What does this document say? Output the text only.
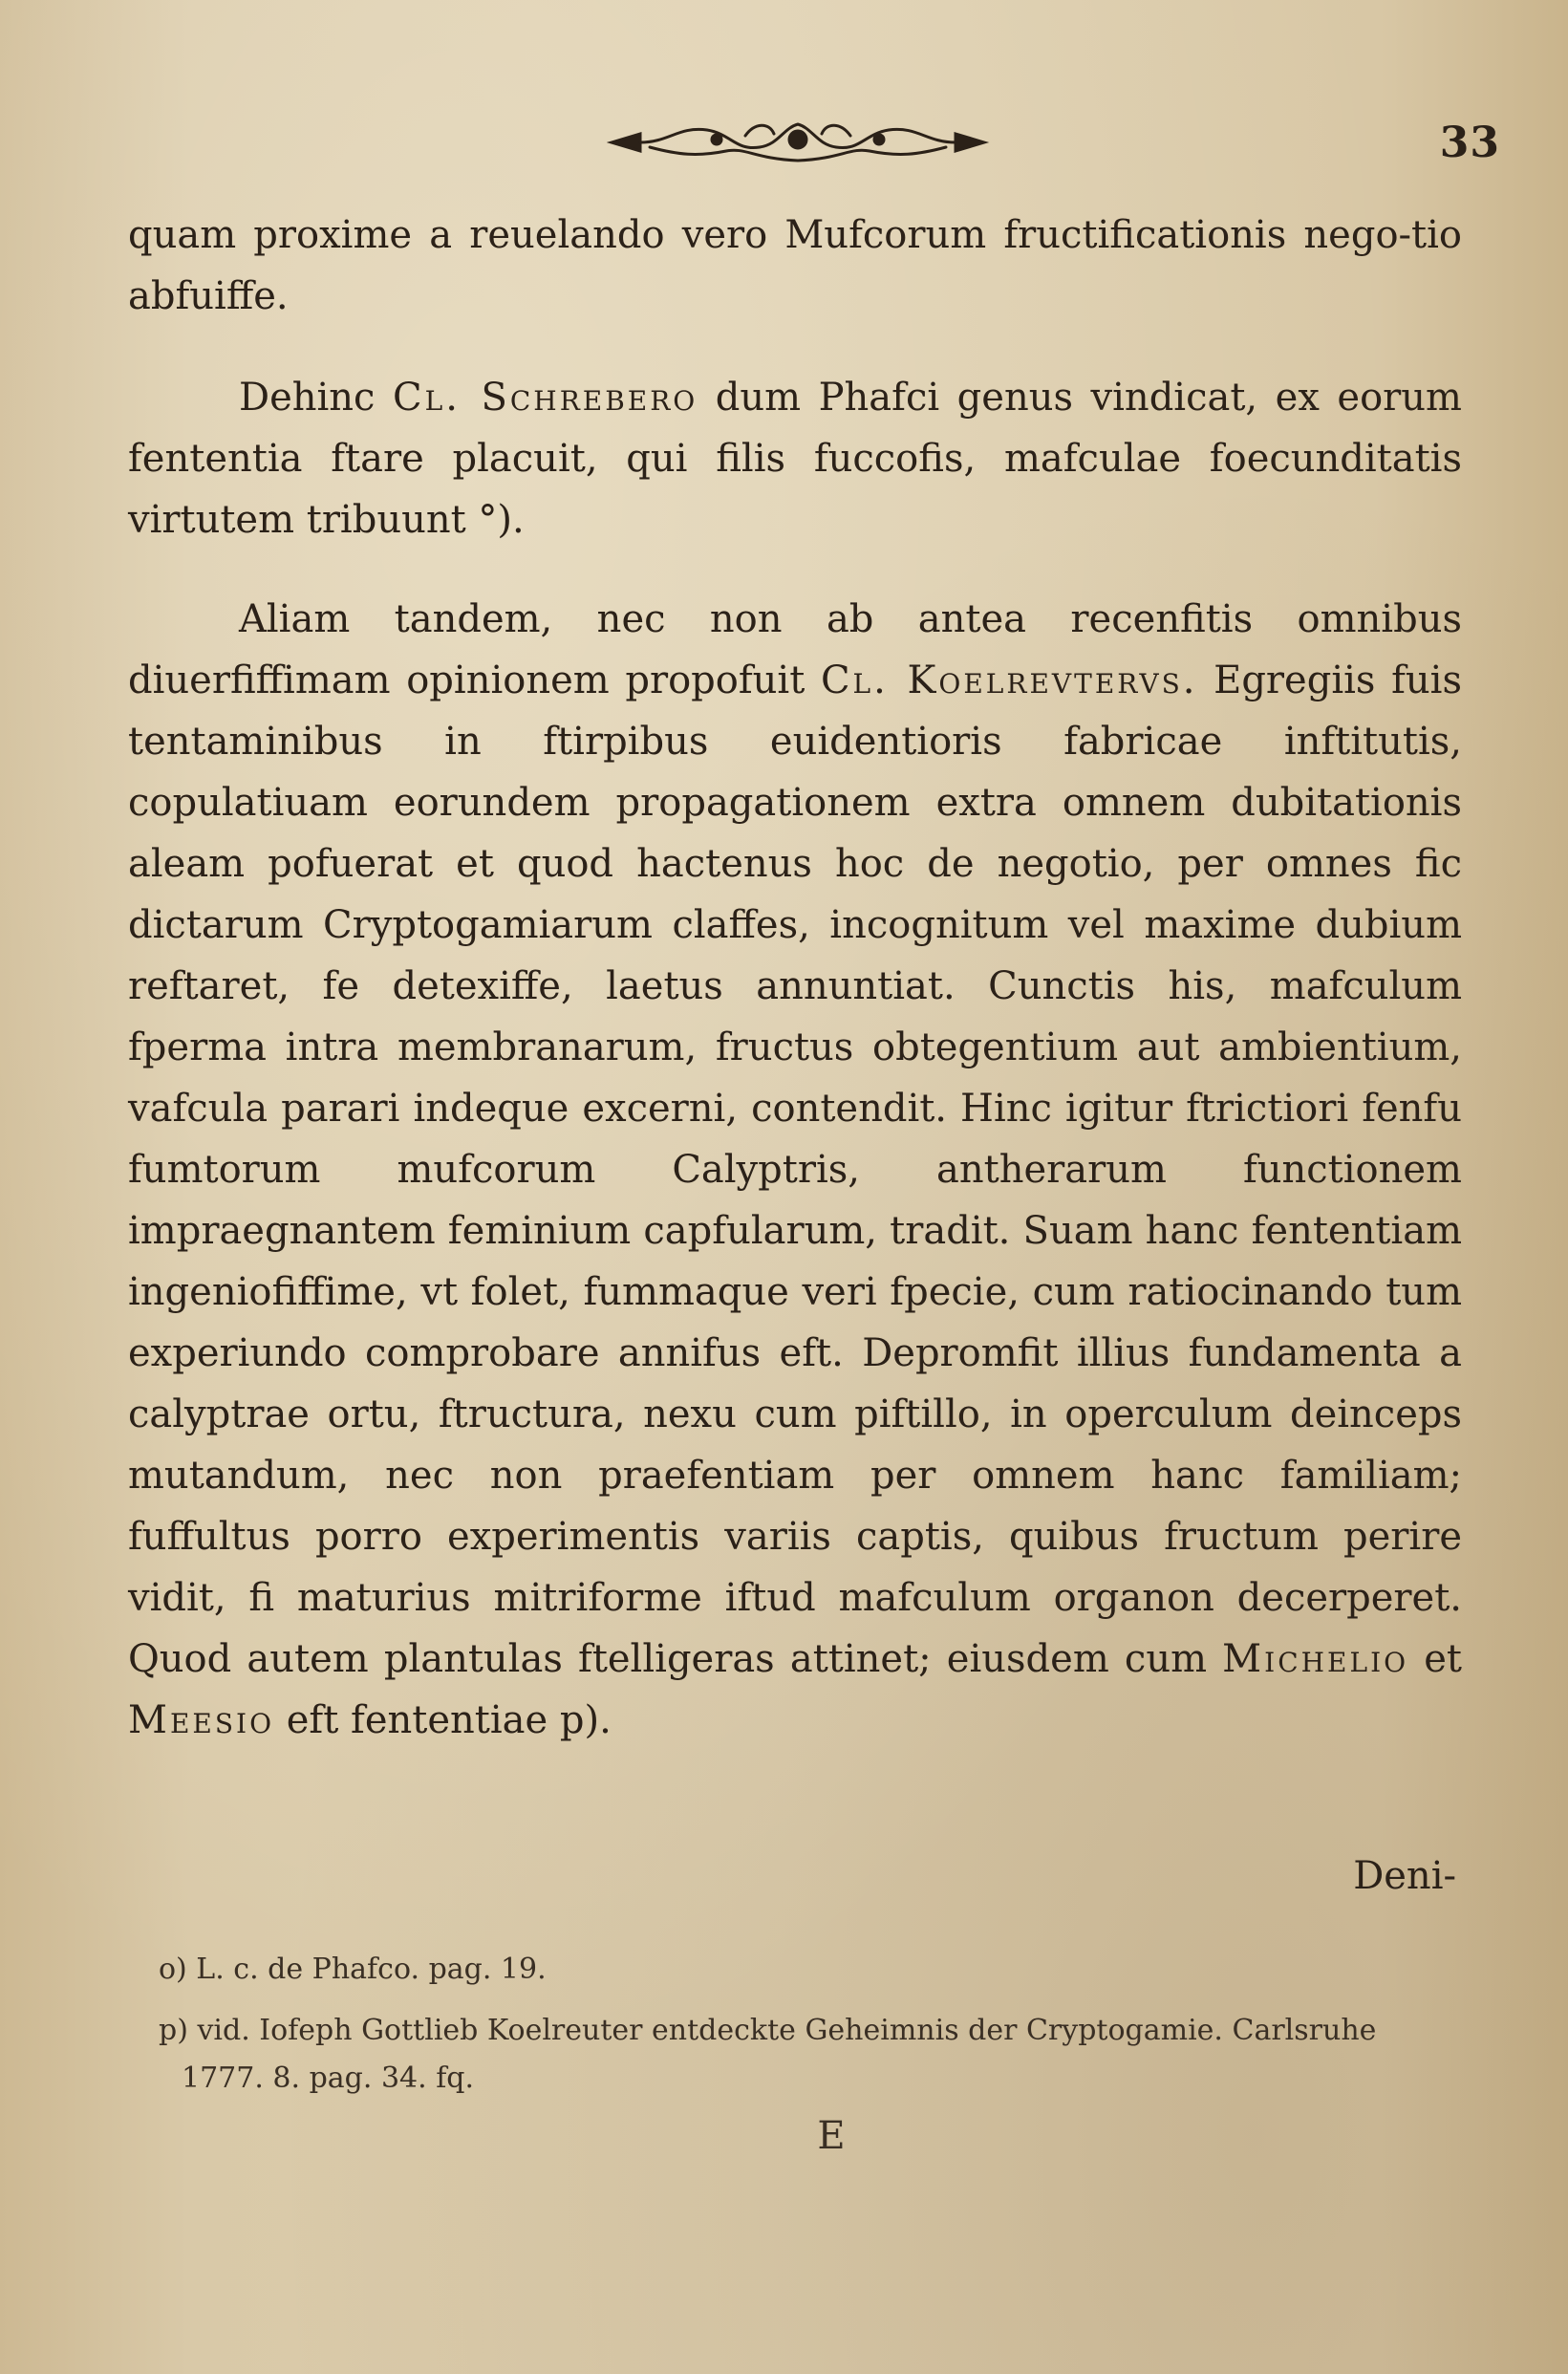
33

quam proxime a reuelando vero Mufcorum fructificationis nego-tio abfuiffe.

Dehinc Cl. Schrebero dum Phafci genus vindicat, ex eorum fententia ftare placuit, qui filis fuccofis, mafculae foecunditatis virtutem tribuunt °).

Aliam tandem, nec non ab antea recenfitis omnibus diuerfiffimam opinionem propofuit Cl. Koelrevtervs. Egregiis fuis tentaminibus in ftirpibus euidentioris fabricae inftitutis, copulatiuam eorundem propagationem extra omnem dubitationis aleam pofuerat et quod hactenus hoc de negotio, per omnes fic dictarum Cryptogamiarum claffes, incognitum vel maxime dubium reftaret, fe detexiffe, laetus annuntiat. Cunctis his, mafculum fperma intra membranarum, fructus obtegentium aut ambientium, vafcula parari indeque excerni, contendit. Hinc igitur ftrictiori fenfu fumtorum mufcorum Calyptris, antherarum functionem impraegnantem feminium capfularum, tradit. Suam hanc fententiam ingeniofiffime, vt folet, fummaque veri fpecie, cum ratiocinando tum experiundo comprobare annifus eft. Depromfit illius fundamenta a calyptrae ortu, ftructura, nexu cum piftillo, in operculum deinceps mutandum, nec non praefentiam per omnem hanc familiam; fuffultus porro experimentis variis captis, quibus fructum perire vidit, fi maturius mitriforme iftud mafculum organon decerperet. Quod autem plantulas ftelligeras attinet; eiusdem cum Michelio et Meesio eft fententiae p).

Deni-

o) L. c. de Phafco. pag. 19.

p) vid. Iofeph Gottlieb Koelreuter entdeckte Geheimnis der Cryptogamie. Carlsruhe 1777. 8. pag. 34. fq.

E
